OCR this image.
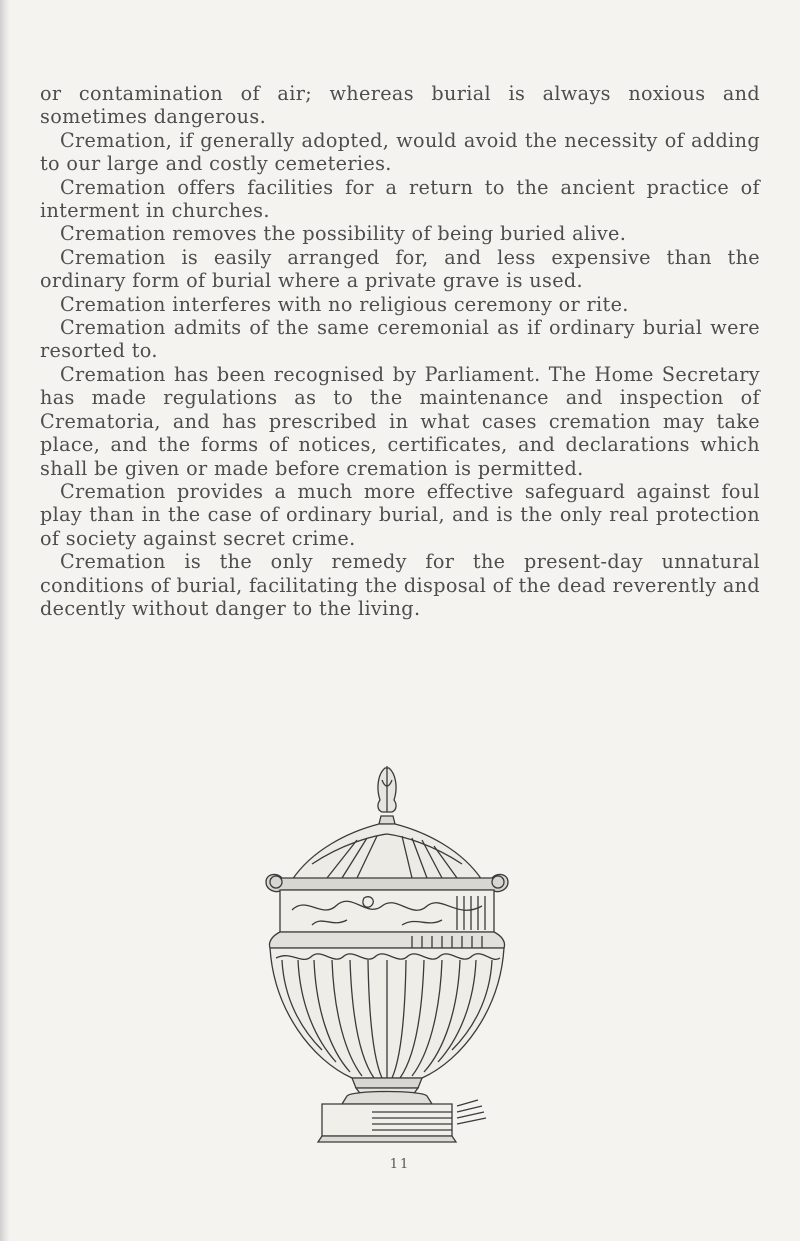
or contamination of air; whereas burial is always noxious and sometimes dangerous.

Cremation, if generally adopted, would avoid the necessity of adding to our large and costly cemeteries.

Cremation offers facilities for a return to the ancient practice of interment in churches.

Cremation removes the possibility of being buried alive.

Cremation is easily arranged for, and less expensive than the ordinary form of burial where a private grave is used.

Cremation interferes with no religious ceremony or rite.

Cremation admits of the same ceremonial as if ordinary burial were resorted to.

Cremation has been recognised by Parliament. The Home Secretary has made regulations as to the maintenance and inspection of Crematoria, and has prescribed in what cases cremation may take place, and the forms of notices, certificates, and declarations which shall be given or made before cremation is permitted.

Cremation provides a much more effective safeguard against foul play than in the case of ordinary burial, and is the only real protection of society against secret crime.

Cremation is the only remedy for the present-day unnatural conditions of burial, facilitating the disposal of the dead reverently and decently without danger to the living.

11
